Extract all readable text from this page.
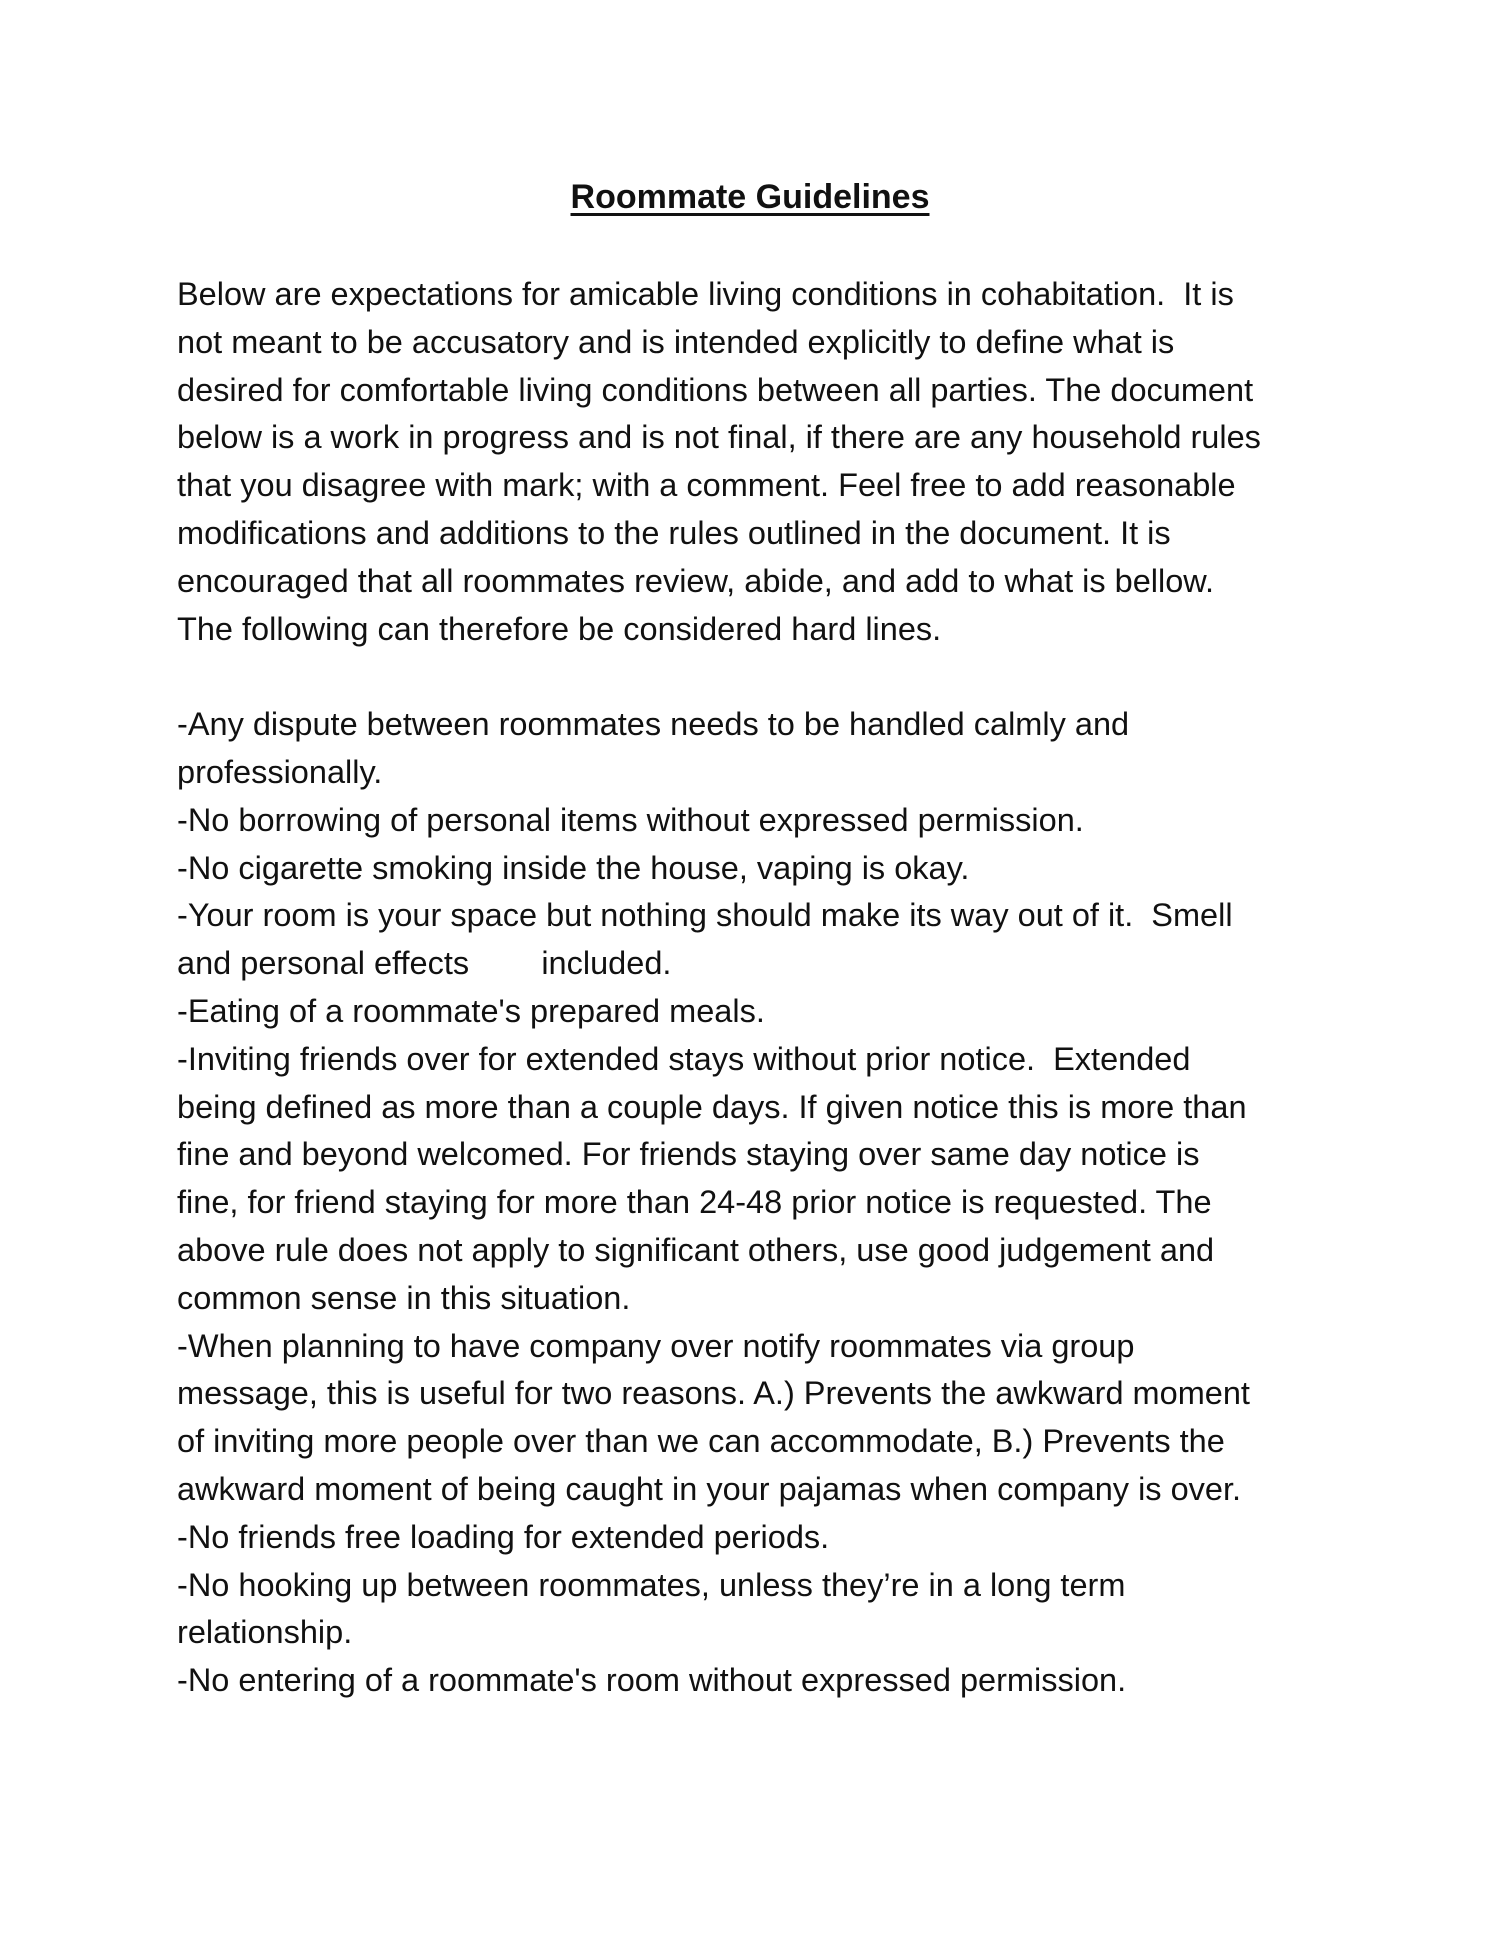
Roommate Guidelines
Below are expectations for amicable living conditions in cohabitation.  It is
not meant to be accusatory and is intended explicitly to define what is
desired for comfortable living conditions between all parties. The document
below is a work in progress and is not final, if there are any household rules
that you disagree with mark; with a comment. Feel free to add reasonable
modifications and additions to the rules outlined in the document. It is
encouraged that all roommates review, abide, and add to what is bellow.
The following can therefore be considered hard lines.
-Any dispute between roommates needs to be handled calmly and
professionally.
-No borrowing of personal items without expressed permission.
-No cigarette smoking inside the house, vaping is okay.
-Your room is your space but nothing should make its way out of it.  Smell
and personal effects        included.
-Eating of a roommate's prepared meals.
-Inviting friends over for extended stays without prior notice.  Extended
being defined as more than a couple days. If given notice this is more than
fine and beyond welcomed. For friends staying over same day notice is
fine, for friend staying for more than 24-48 prior notice is requested. The
above rule does not apply to significant others, use good judgement and
common sense in this situation.
-When planning to have company over notify roommates via group
message, this is useful for two reasons. A.) Prevents the awkward moment
of inviting more people over than we can accommodate, B.) Prevents the
awkward moment of being caught in your pajamas when company is over.
-No friends free loading for extended periods.
-No hooking up between roommates, unless they’re in a long term
relationship.
-No entering of a roommate's room without expressed permission.
